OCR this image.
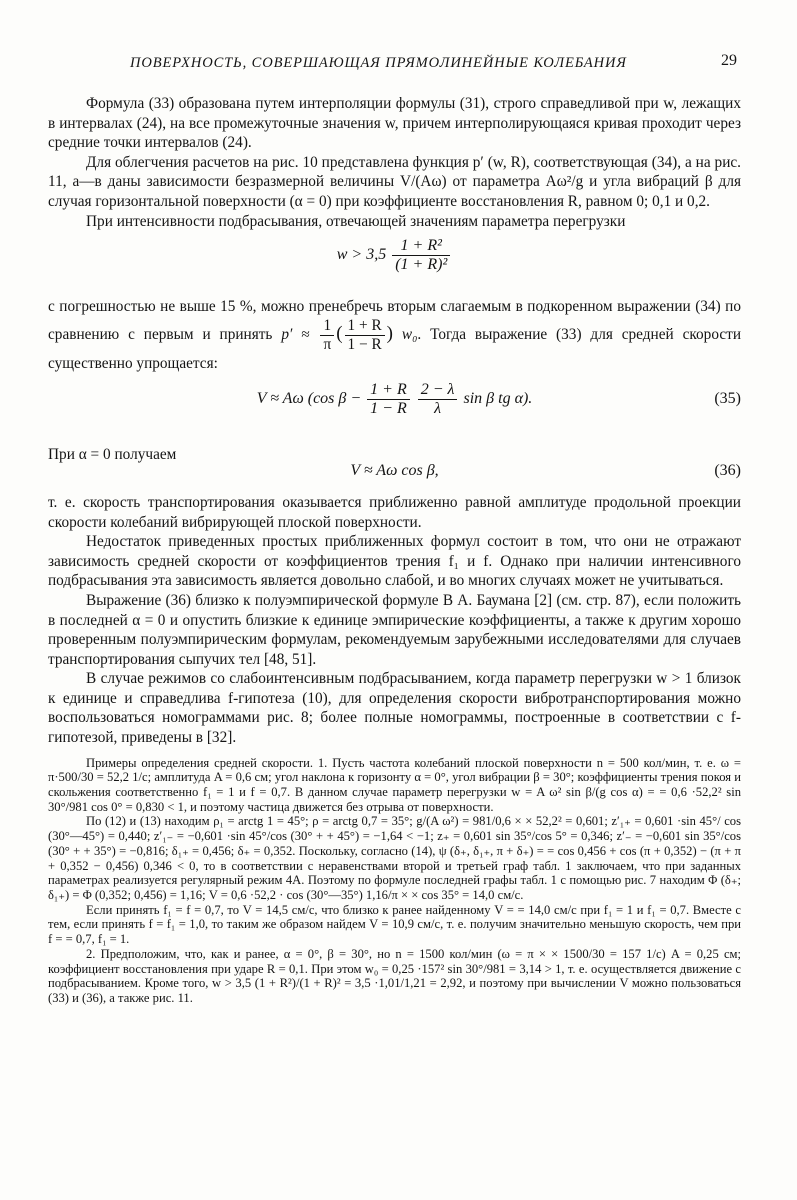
ПОВЕРХНОСТЬ, СОВЕРШАЮЩАЯ ПРЯМОЛИНЕЙНЫЕ КОЛЕБАНИЯ	29

Формула (33) образована путем интерполяции формулы (31), строго справедливой при w, лежащих в интервалах (24), на все промежуточные значения w, причем интерполирующаяся кривая проходит через средние точки интервалов (24).

Для облегчения расчетов на рис. 10 представлена функция p′ (w, R), соответствующая (34), а на рис. 11, а—в даны зависимости безразмерной величины V/(Aω) от параметра Aω²/g и угла вибраций β для случая горизонтальной поверхности (α = 0) при коэффициенте восстановления R, равном 0; 0,1 и 0,2.

При интенсивности подбрасывания, отвечающей значениям параметра перегрузки

$w > 3,5 \frac{\text{1 + R²}}{\text{(1 + R)²}}$

с погрешностью не выше 15 %, можно пренебречь вторым слагаемым в подкоренном выражении (34) по сравнению с первым и принять $p' \approx \frac{1}{\pi}$ ( $\frac{1 + R}{1 - R}$ ) w₀. Тогда выражение (33) для средней скорости существенно упрощается:

V ≈ Aω (cos $\beta - \frac{1 + R}{1 - R}$
$\frac{2 - \lambda}{\lambda}$ sin β tg α).	(35)

При α = 0 получаем

V ≈ Aω cos β,	(36)

т. е. скорость транспортирования оказывается приближенно равной амплитуде продольной проекции скорости колебаний вибрирующей плоской поверхности.

Недостаток приведенных простых приближенных формул состоит в том, что они не отражают зависимость средней скорости от коэффициентов трения f₁ и f. Однако при наличии интенсивного подбрасывания эта зависимость является довольно слабой, и во многих случаях может не учитываться.

Выражение (36) близко к полуэмпирической формуле В А. Баумана [2] (см. стр. 87), если положить в последней α = 0 и опустить близкие к единице эмпирические коэффициенты, а также к другим хорошо проверенным полуэмпирическим формулам, рекомендуемым зарубежными исследователями для случаев транспортирования сыпучих тел [48, 51].

В случае режимов со слабоинтенсивным подбрасыванием, когда параметр перегрузки w > 1 близок к единице и справедлива f-гипотеза (10), для определения скорости вибротранспортирования можно воспользоваться номограммами рис. 8; более полные номограммы, построенные в соответствии с f-гипотезой, приведены в [32].

Примеры определения средней скорости. 1. Пусть частота колебаний плоской поверхности n = 500 кол/мин, т. е. ω = π·500/30 = 52,2 1/с; амплитуда A = 0,6 см; угол наклона к горизонту α = 0°, угол вибрации β = 30°; коэффициенты трения покоя и скольжения соответственно f₁ = 1 и f = 0,7. В данном случае параметр перегрузки w = A ω² sin β/(g cos α) = = 0,6 ·52,2² sin 30°/981 cos 0° = 0,830 < 1, и поэтому частица движется без отрыва от поверхности.

По (12) и (13) находим ρ₁ = arctg 1 = 45°; ρ = arctg 0,7 = 35°; g/(A ω²) = 981/0,6 × × 52,2² = 0,601; z′₁₊ = 0,601 ·sin 45°/ cos (30°—45°) = 0,440; z′₁₋ = −0,601 ·sin 45°/cos (30° + + 45°) = −1,64 < −1; z₊ = 0,601 sin 35°/cos 5° = 0,346; z′₋ = −0,601 sin 35°/cos (30° + + 35°) = −0,816; δ₁₊ = 0,456; δ₊ = 0,352. Поскольку, согласно (14), ψ (δ₊, δ₁₊, π + δ₊) = = cos 0,456 + cos (π + 0,352) − (π + π + 0,352 − 0,456) 0,346 < 0, то в соответствии с неравенствами второй и третьей граф табл. 1 заключаем, что при заданных параметрах реализуется регулярный режим 4А. Поэтому по формуле последней графы табл. 1 с помощью рис. 7 находим Φ (δ₊; δ₁₊) = Φ (0,352; 0,456) = 1,16; V = 0,6 ·52,2 · cos (30°—35°) 1,16/π × × cos 35° = 14,0 см/с.

Если принять f₁ = f = 0,7, то V = 14,5 см/с, что близко к ранее найденному V = = 14,0 см/с при f₁ = 1 и f₁ = 0,7. Вместе с тем, если принять f = f₁ = 1,0, то таким же образом найдем V = 10,9 см/с, т. е. получим значительно меньшую скорость, чем при f = = 0,7, f₁ = 1.

2. Предположим, что, как и ранее, α = 0°, β = 30°, но n = 1500 кол/мин (ω = π × × 1500/30 = 157 1/с) A = 0,25 см; коэффициент восстановления при ударе R = 0,1. При этом w₀ = 0,25 ·157² sin 30°/981 = 3,14 > 1, т. е. осуществляется движение с подбрасыванием. Кроме того, w > 3,5 (1 + R²)/(1 + R)² = 3,5 ·1,01/1,21 = 2,92, и поэтому при вычислении V можно пользоваться (33) и (36), а также рис. 11.
